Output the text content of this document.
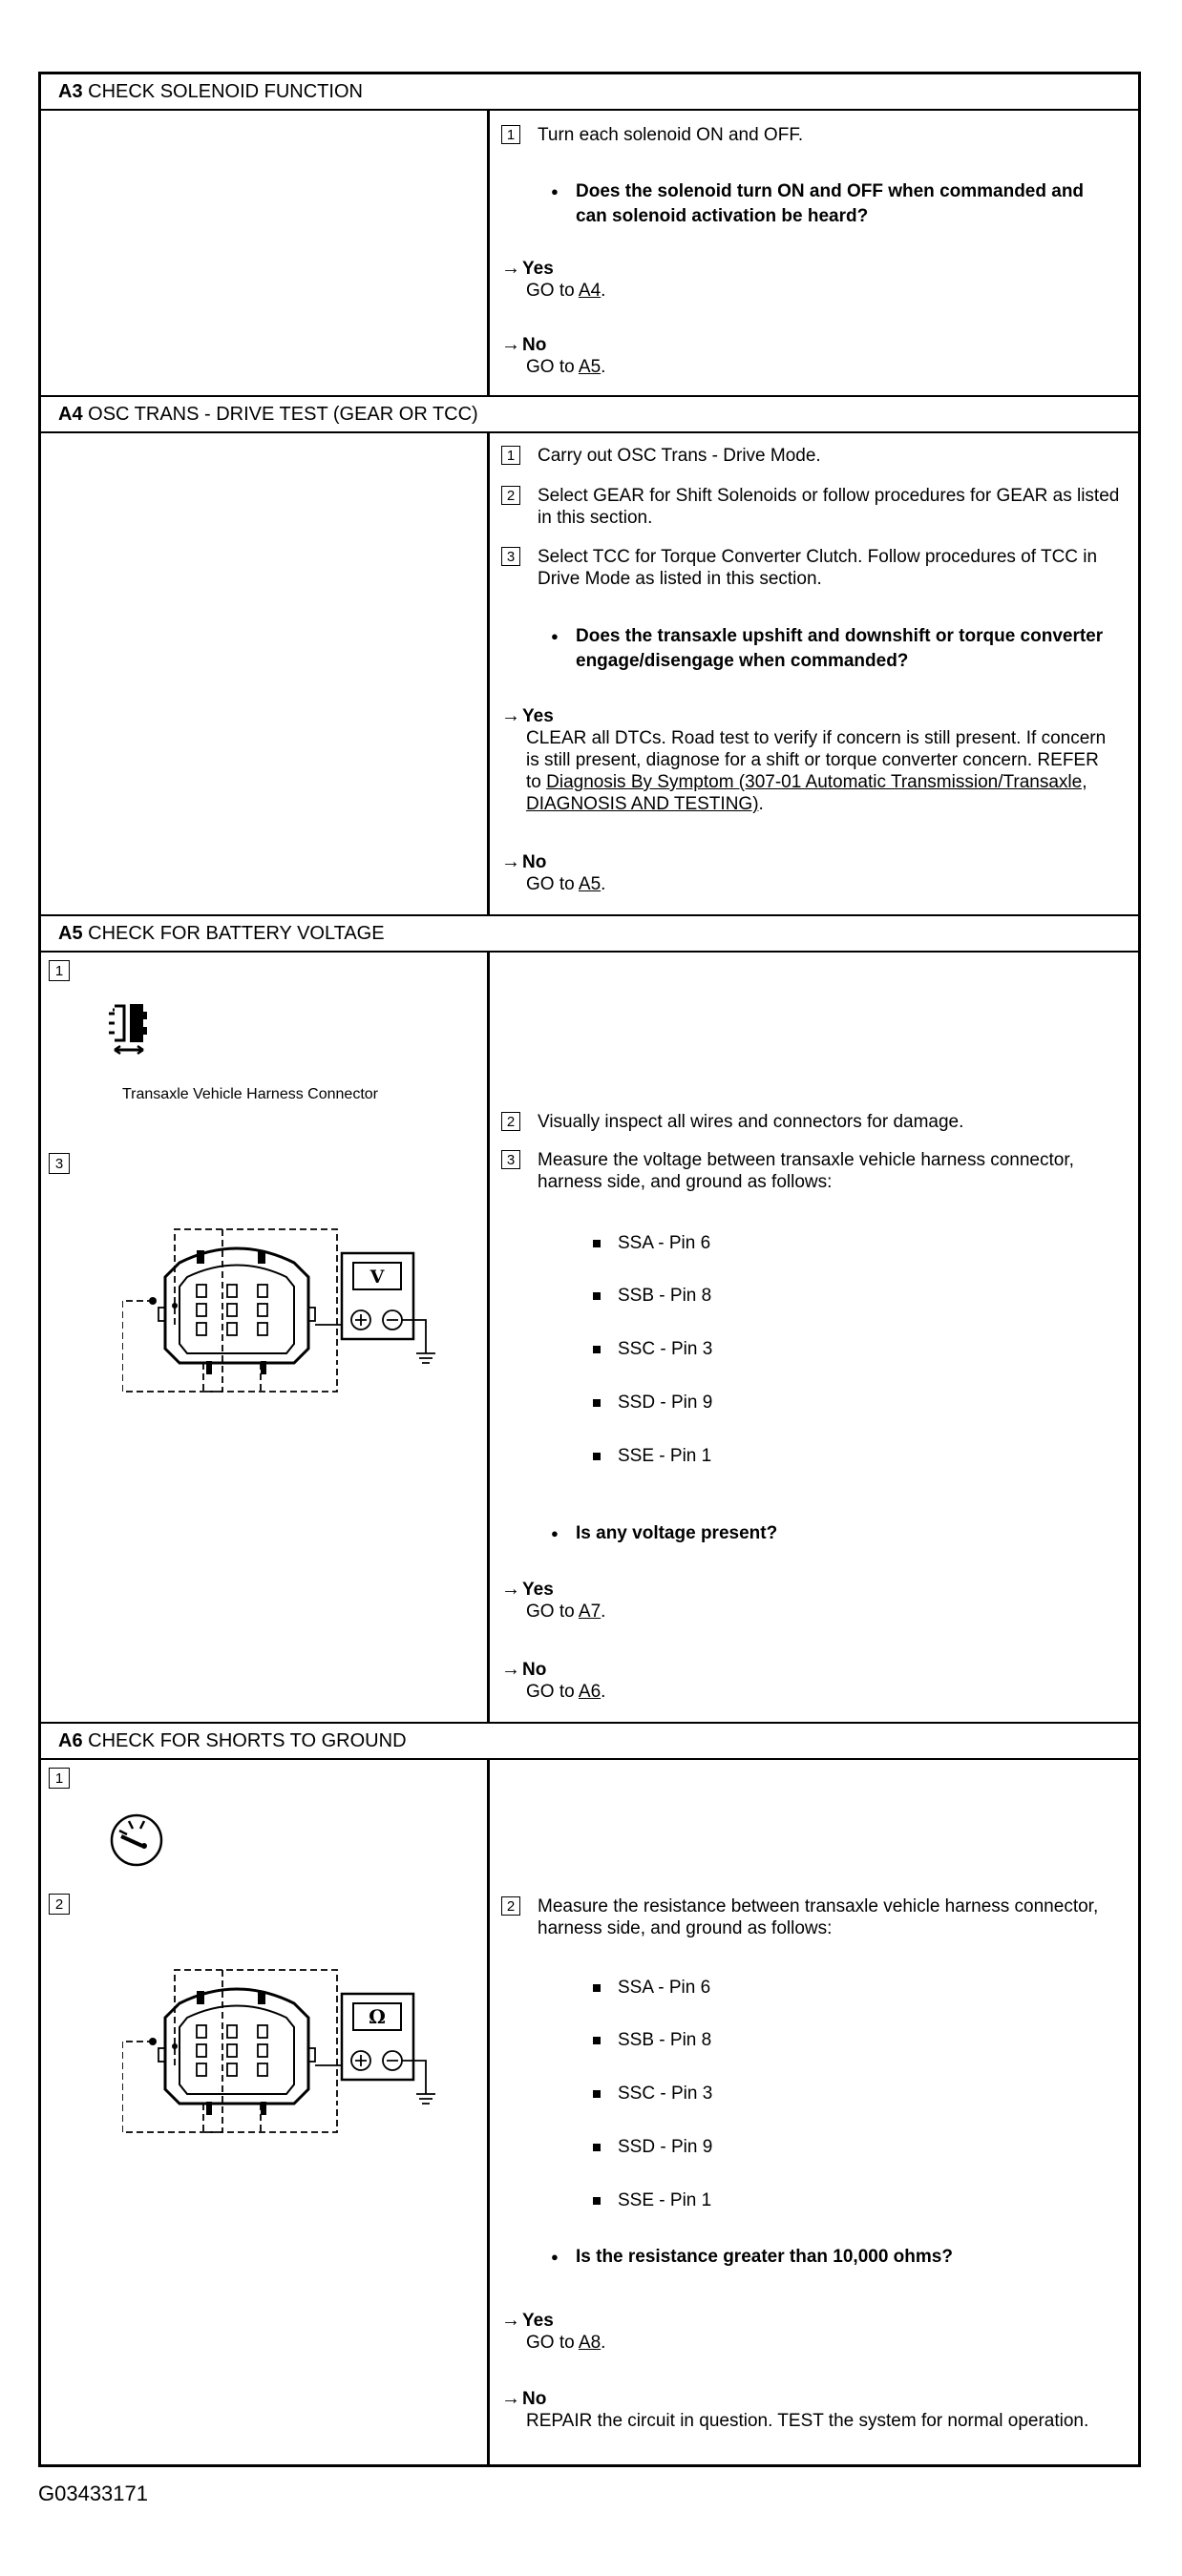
A3 CHECK SOLENOID FUNCTION
1	Turn each solenoid ON and OFF.
● Does the solenoid turn ON and OFF when commanded and can solenoid activation be heard?
→ Yes
GO to A4.
→ No
GO to A5.
A4 OSC TRANS - DRIVE TEST (GEAR OR TCC)
1	Carry out OSC Trans - Drive Mode.
2	Select GEAR for Shift Solenoids or follow procedures for GEAR as listed in this section.
3	Select TCC for Torque Converter Clutch. Follow procedures of TCC in Drive Mode as listed in this section.
● Does the transaxle upshift and downshift or torque converter engage/disengage when commanded?
→ Yes
CLEAR all DTCs. Road test to verify if concern is still present. If concern is still present, diagnose for a shift or torque converter concern. REFER to Diagnosis By Symptom (307-01 Automatic Transmission/Transaxle, DIAGNOSIS AND TESTING).
→ No
GO to A5.
A5 CHECK FOR BATTERY VOLTAGE
1
Transaxle Vehicle Harness Connector
3
V
2	Visually inspect all wires and connectors for damage.
3	Measure the voltage between transaxle vehicle harness connector, harness side, and ground as follows:
SSA - Pin 6
SSB - Pin 8
SSC - Pin 3
SSD - Pin 9
SSE - Pin 1
● Is any voltage present?
→ Yes
GO to A7.
→ No
GO to A6.
A6 CHECK FOR SHORTS TO GROUND
1
2
Ω
2	Measure the resistance between transaxle vehicle harness connector, harness side, and ground as follows:
SSA - Pin 6
SSB - Pin 8
SSC - Pin 3
SSD - Pin 9
SSE - Pin 1
● Is the resistance greater than 10,000 ohms?
→ Yes
GO to A8.
→ No
REPAIR the circuit in question. TEST the system for normal operation.
G03433171
